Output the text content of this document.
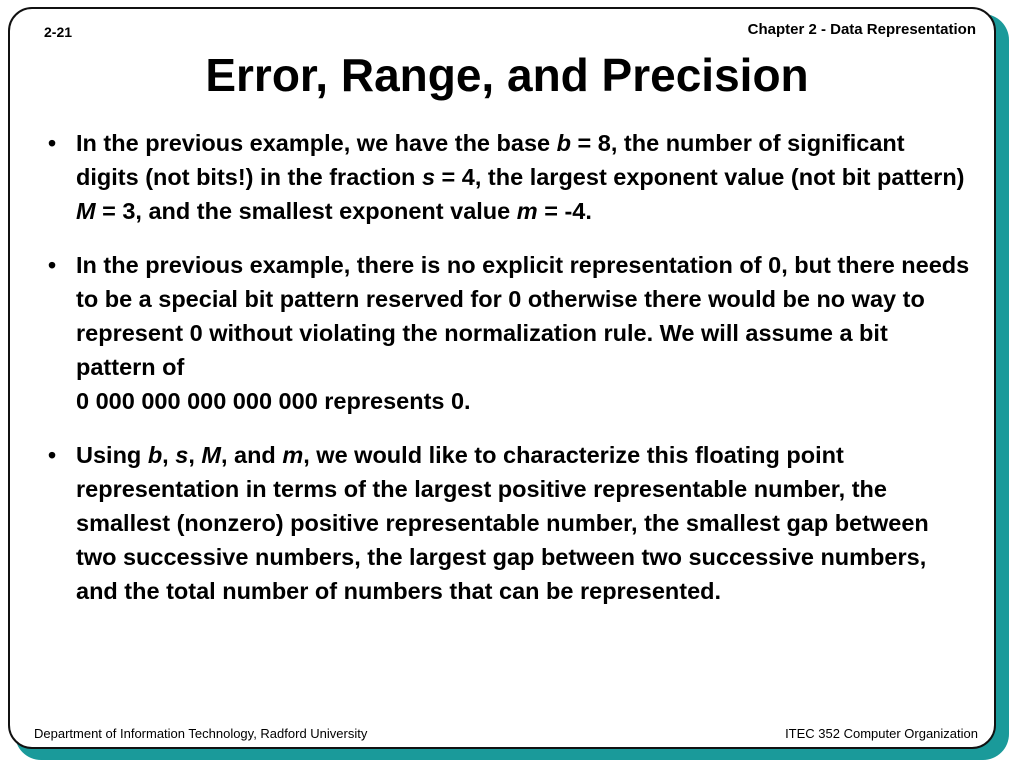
2-21	Chapter 2 - Data Representation
Error, Range, and Precision
• In the previous example, we have the base b = 8, the number of significant digits (not bits!) in the fraction s = 4, the largest exponent value (not bit pattern) M = 3, and the smallest exponent value m = -4.
• In the previous example, there is no explicit representation of 0, but there needs to be a special bit pattern reserved for 0 otherwise there would be no way to represent 0 without violating the normalization rule. We will assume a bit pattern of
0 000 000 000 000 000 represents 0.
• Using b, s, M, and m, we would like to characterize this floating point representation in terms of the largest positive representable number, the smallest (nonzero) positive representable number, the smallest gap between two successive numbers, the largest gap between two successive numbers, and the total number of numbers that can be represented.
Department of Information Technology, Radford University	ITEC 352 Computer Organization
